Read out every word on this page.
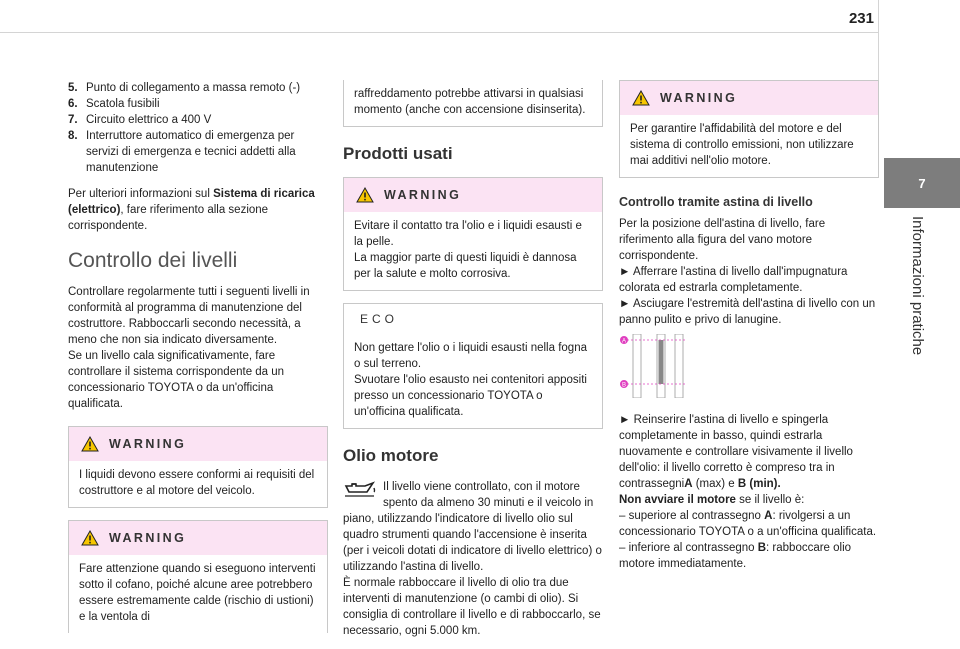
231
7
Informazioni pratiche
5. Punto di collegamento a massa remoto (-)
6. Scatola fusibili
7. Circuito elettrico a 400 V
8. Interruttore automatico di emergenza per servizi di emergenza e tecnici addetti alla manutenzione

Per ulteriori informazioni sul Sistema di ricarica (elettrico), fare riferimento alla sezione corrispondente.

Controllo dei livelli

Controllare regolarmente tutti i seguenti livelli in conformità al programma di manutenzione del costruttore. Rabboccarli secondo necessità, a meno che non sia indicato diversamente.

Se un livello cala significativamente, fare controllare il sistema corrispondente da un concessionario TOYOTA o da un'officina qualificata.

WARNING
I liquidi devono essere conformi ai requisiti del costruttore e al motore del veicolo.
WARNING
Fare attenzione quando si eseguono interventi sotto il cofano, poiché alcune aree potrebbero essere estremamente calde (rischio di ustioni) e la ventola di
raffreddamento potrebbe attivarsi in qualsiasi momento (anche con accensione disinserita).
Prodotti usati
WARNING
Evitare il contatto tra l'olio e i liquidi esausti e la pelle.
La maggior parte di questi liquidi è dannosa per la salute e molto corrosiva.
ECO
Non gettare l'olio o i liquidi esausti nella fogna o sul terreno.
Svuotare l'olio esausto nei contenitori appositi presso un concessionario TOYOTA o un'officina qualificata.
Olio motore
Il livello viene controllato, con il motore spento da almeno 30 minuti e il veicolo in piano, utilizzando l'indicatore di livello olio sul quadro strumenti quando l'accensione è inserita (per i veicoli dotati di indicatore di livello elettrico) o utilizzando l'astina di livello.

È normale rabboccare il livello di olio tra due interventi di manutenzione (o cambi di olio). Si consiglia di controllare il livello e di rabboccarlo, se necessario, ogni 5.000 km.

WARNING
Per garantire l'affidabilità del motore e del sistema di controllo emissioni, non utilizzare mai additivi nell'olio motore.
Controllo tramite astina di livello

Per la posizione dell'astina di livello, fare riferimento alla figura del vano motore corrispondente.

► Afferrare l'astina di livello dall'impugnatura colorata ed estrarla completamente.
► Asciugare l'estremità dell'astina di livello con un panno pulito e privo di lanugine.
A
B

► Reinserire l'astina di livello e spingerla completamente in basso, quindi estrarla nuovamente e controllare visivamente il livello dell'olio: il livello corretto è compreso tra in contrassegniA (max) e B (min).

Non avviare il motore se il livello è:
– superiore al contrassegno A: rivolgersi a un concessionario TOYOTA o a un'officina qualificata.
– inferiore al contrassegno B: rabboccare olio motore immediatamente.
